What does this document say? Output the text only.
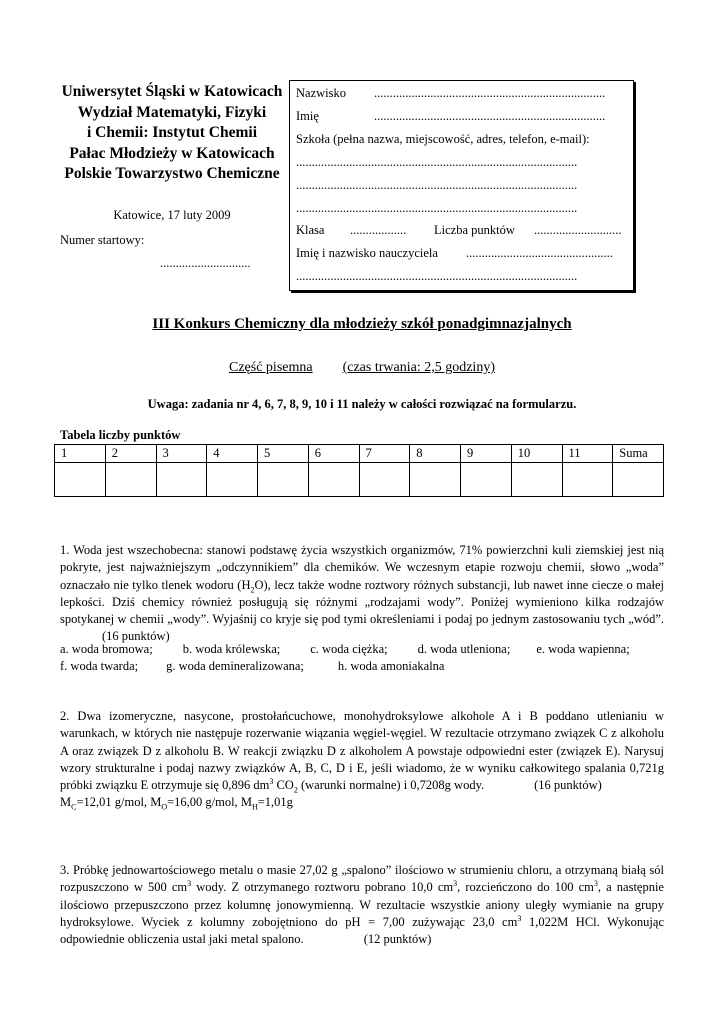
Uniwersytet Śląski w Katowicach
Wydział Matematyki, Fizyki
i Chemii: Instytut Chemii
Pałac Młodzieży w Katowicach
Polskie Towarzystwo Chemiczne
Katowice, 17 luty 2009
Numer startowy:
.............................
Nazwisko ..........................................................................
Imię	..........................................................................
Szkoła (pełna nazwa, miejscowość, adres, telefon, e-mail):
..........................................................................................
..........................................................................................
..........................................................................................
Klasa .................. Liczba punktów ............................
Imię i nazwisko nauczyciela ...............................................
..........................................................................................
III Konkurs Chemiczny dla młodzieży szkół ponadgimnazjalnych
Część pisemna (czas trwania: 2,5 godziny)
Uwaga: zadania nr 4, 6, 7, 8, 9, 10 i 11 należy w całości rozwiązać na formularzu.
Tabela liczby punktów
1	2	3	4	5	6	7	8	9	10	11	Suma

1. Woda jest wszechobecna: stanowi podstawę życia wszystkich organizmów, 71% powierzchni kuli ziemskiej jest nią pokryte, jest najważniejszym „odczynnikiem” dla chemików. We wczesnym etapie rozwoju chemii, słowo „woda” oznaczało nie tylko tlenek wodoru $(H_2O)$, lecz także wodne roztwory różnych substancji, lub nawet inne ciecze o małej lepkości. Dziś chemicy również posługują się różnymi „rodzajami wody”. Poniżej wymieniono kilka rodzajów spotykanej w chemii „wody”. Wyjaśnij co kryje się pod tymi określeniami i podaj po jednym zastosowaniu tych „wód”.(16 punktów)

a. woda bromowa; b. woda królewska; c. woda ciężka; d. woda utleniona; e. woda wapienna;
f. woda twarda; g. woda demineralizowana;	h. woda amoniakalna

2. Dwa izomeryczne, nasycone, prostołańcuchowe, monohydroksylowe alkohole A i B poddano utlenianiu w warunkach, w których nie następuje rozerwanie wiązania węgiel-węgiel. W rezultacie otrzymano związek C z alkoholu A oraz związek D z alkoholu B. W reakcji związku D z alkoholem A powstaje odpowiedni ester (związek E). Narysuj wzory strukturalne i podaj nazwy związków A, B, C, D i E, jeśli wiadomo, że w wyniku całkowitego spalania 0,721g próbki związku E otrzymuje się 0,896 $dm^3$ $CO_2$ (warunki normalne) i 0,7208g wody.	(16 punktów)

$M_C=12,01$ g/mol, $M_O=16,00$ g/mol, $M_H=1,01g$

3. Próbkę jednowartościowego metalu o masie 27,02 g „spalono” ilościowo w strumieniu chloru, a otrzymaną białą sól rozpuszczono w 500 $cm^3$ wody. Z otrzymanego roztworu pobrano 10,0 $cm^3$, rozcieńczono do 100 $cm^3$, a następnie ilościowo przepuszczono przez kolumnę jonowymienną. W rezultacie wszystkie aniony uległy wymianie na grupy hydroksylowe. Wyciek z kolumny zobojętniono do pH = 7,00 zużywając 23,0 $cm^3$ 1,022M HCl. Wykonując odpowiednie obliczenia ustal jaki metal spalono.	(12 punktów)
